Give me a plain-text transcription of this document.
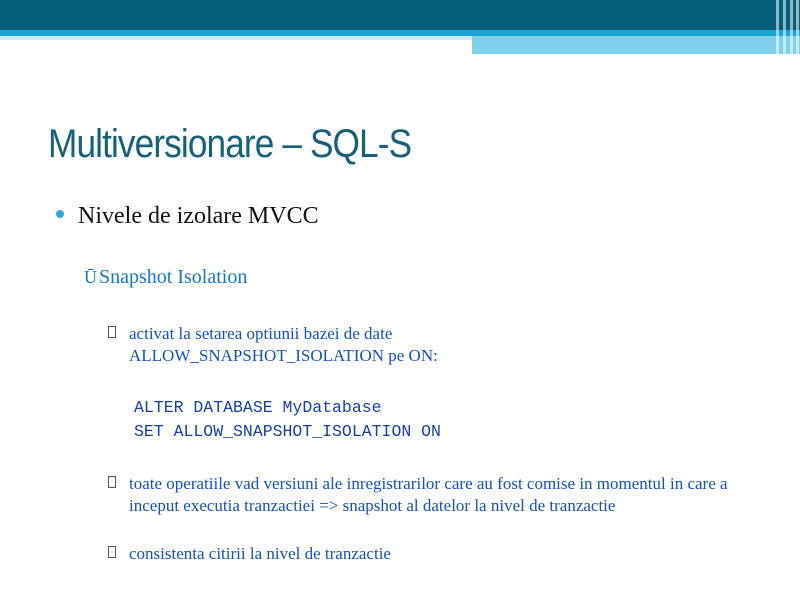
Multiversionare – SQL-S
Nivele de izolare MVCC
Ū Snapshot Isolation
activat la setarea optiunii bazei de date ALLOW_SNAPSHOT_ISOLATION pe ON:
ALTER DATABASE MyDatabase
SET ALLOW_SNAPSHOT_ISOLATION ON
toate operatiile vad versiuni ale inregistrarilor care au fost comise in momentul in care a inceput executia tranzactiei => snapshot al datelor la nivel de tranzactie
consistenta citirii la nivel de tranzactie
